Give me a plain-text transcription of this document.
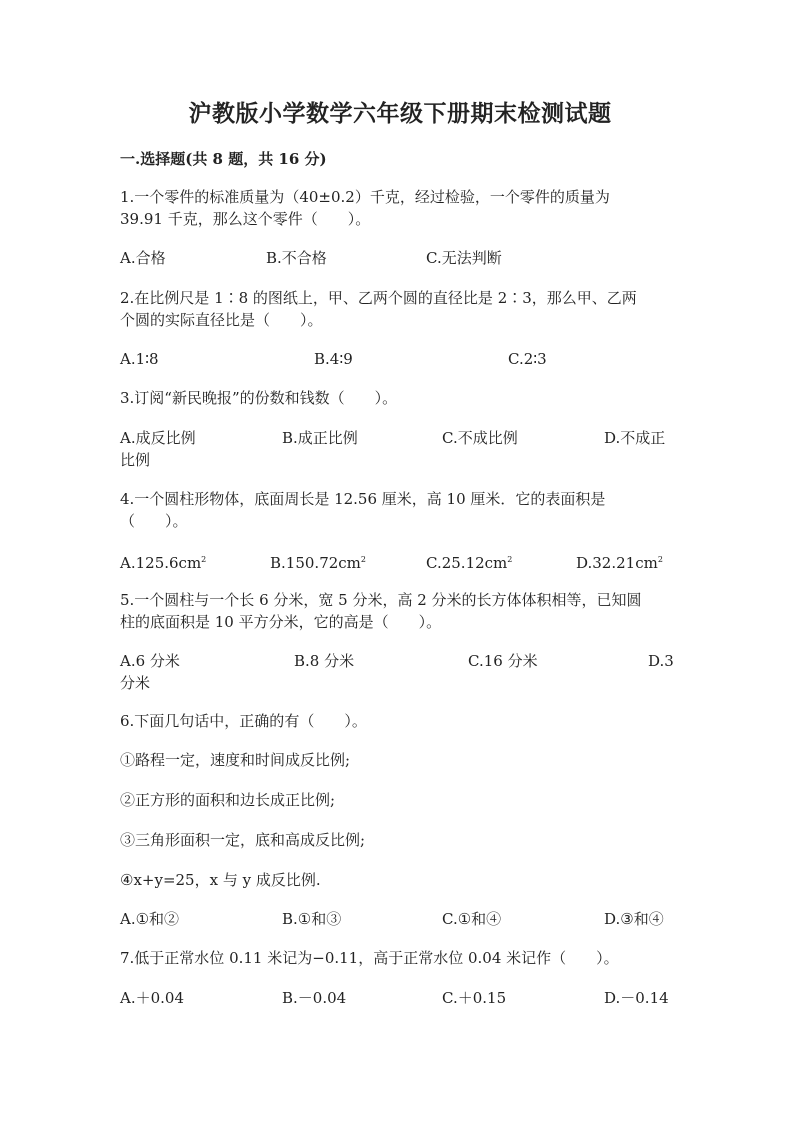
沪教版小学数学六年级下册期末检测试题
一.选择题(共 8 题，共 16 分)
1.一个零件的标准质量为（40±0.2）千克，经过检验，一个零件的质量为
39.91 千克，那么这个零件（　　）。
A.合格	B.不合格	C.无法判断
2.在比例尺是 1∶8 的图纸上，甲、乙两个圆的直径比是 2∶3，那么甲、乙两
个圆的实际直径比是（　　）。
A.1∶8	B.4∶9	C.2∶3
3.订阅“新民晚报”的份数和钱数（　　）。
A.成反比例	B.成正比例	C.不成比例	D.不成正
比例
4.一个圆柱形物体，底面周长是 12.56 厘米，高 10 厘米．它的表面积是
（　　）。
$A.125.6cm^2$	$B.150.72cm^2$	$C.25.12cm^2$	$D.32.21cm^2$
5.一个圆柱与一个长 6 分米，宽 5 分米，高 2 分米的长方体体积相等，已知圆
柱的底面积是 10 平方分米，它的高是（　　）。
A.6 分米	B.8 分米	C.16 分米	D.3
分米
6.下面几句话中，正确的有（　　）。
①路程一定，速度和时间成反比例;
②正方形的面积和边长成正比例;
③三角形面积一定，底和高成反比例;
④x+y=25，x 与 y 成反比例.
A.①和②	B.①和③	C.①和④	D.③和④
7.低于正常水位 0.11 米记为−0.11，高于正常水位 0.04 米记作（　　）。
A.＋0.04	B.－0.04	C.＋0.15	D.－0.14
